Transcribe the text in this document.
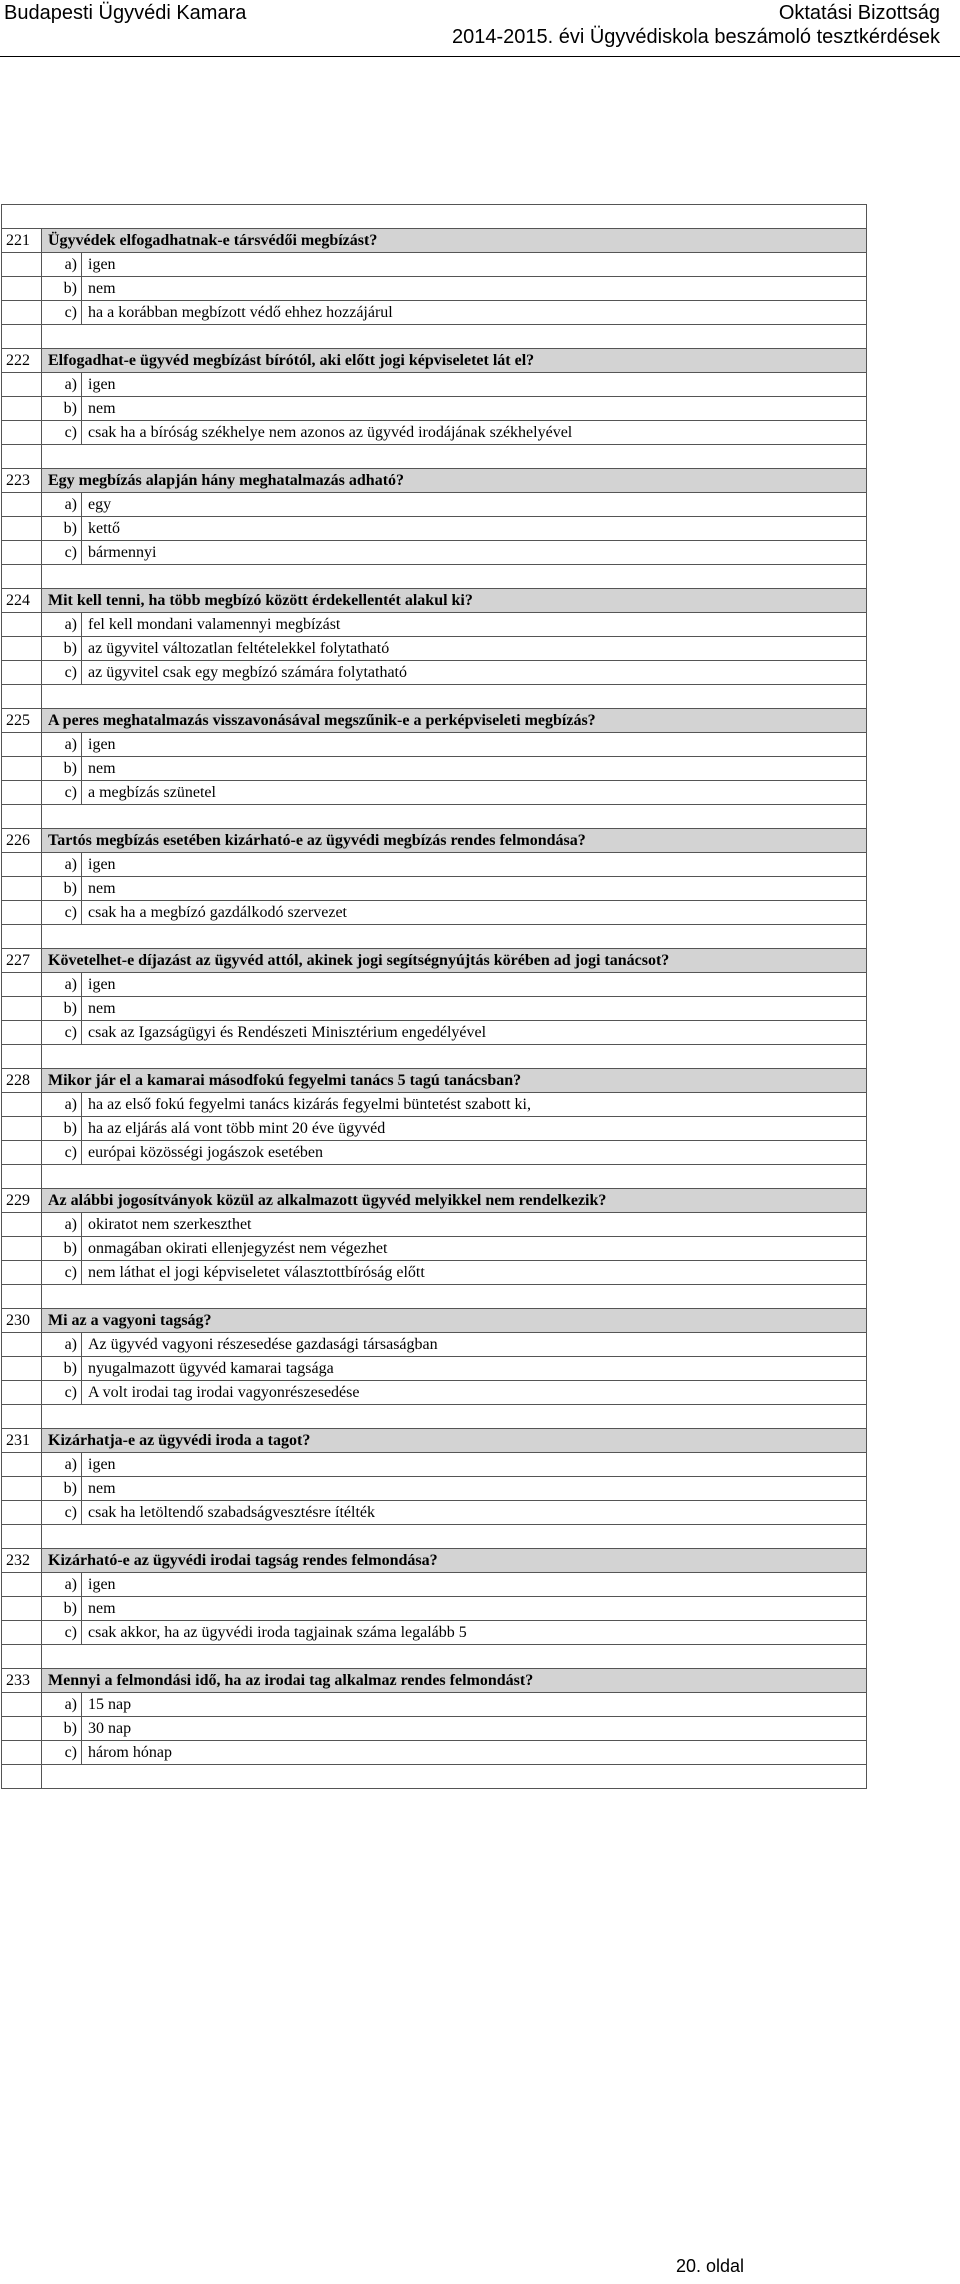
Budapesti Ügyvédi Kamara	Oktatási Bizottság
2014-2015. évi Ügyvédiskola beszámoló tesztkérdések

221	Ügyvédek elfogadhatnak-e társvédői megbízást?	
	a)	igen
	b)	nem
	c)	ha a korábban megbízott védő ehhez hozzájárul

222	Elfogadhat-e ügyvéd megbízást bírótól, aki előtt jogi képviseletet lát el?	
	a)	igen
	b)	nem
	c)	csak ha a bíróság székhelye nem azonos az ügyvéd irodájának székhelyével

223	Egy megbízás alapján hány meghatalmazás adható?	
	a)	egy
	b)	kettő
	c)	bármennyi

224	Mit kell tenni, ha több megbízó között érdekellentét alakul ki?	
	a)	fel kell mondani valamennyi megbízást
	b)	az ügyvitel változatlan feltételekkel folytatható
	c)	az ügyvitel csak egy megbízó számára folytatható

225	A peres meghatalmazás visszavonásával megszűnik-e a perképviseleti megbízás?	
	a)	igen
	b)	nem
	c)	a megbízás szünetel

226	Tartós megbízás esetében kizárható-e az ügyvédi megbízás rendes felmondása?	
	a)	igen
	b)	nem
	c)	csak ha a megbízó gazdálkodó szervezet

227	Követelhet-e díjazást az ügyvéd attól, akinek jogi segítségnyújtás körében ad jogi tanácsot?	
	a)	igen
	b)	nem
	c)	csak az Igazságügyi és Rendészeti Minisztérium engedélyével

228	Mikor jár el a kamarai másodfokú fegyelmi tanács 5 tagú tanácsban?	
	a)	ha az első fokú fegyelmi tanács kizárás fegyelmi büntetést szabott ki,
	b)	ha az eljárás alá vont több mint 20 éve ügyvéd
	c)	európai közösségi jogászok esetében

229	Az alábbi jogosítványok közül az alkalmazott ügyvéd melyikkel nem rendelkezik?	
	a)	okiratot nem szerkeszthet
	b)	onmagában okirati ellenjegyzést nem végezhet
	c)	nem láthat el jogi képviseletet választottbíróság előtt

230	Mi az a vagyoni tagság?	
	a)	Az ügyvéd vagyoni részesedése gazdasági társaságban
	b)	nyugalmazott ügyvéd kamarai tagsága
	c)	A volt irodai tag irodai vagyonrészesedése

231	Kizárhatja-e az ügyvédi iroda a tagot?	
	a)	igen
	b)	nem
	c)	csak ha letöltendő szabadságvesztésre ítélték

232	Kizárható-e az ügyvédi irodai tagság rendes felmondása?	
	a)	igen
	b)	nem
	c)	csak akkor, ha az ügyvédi iroda tagjainak száma legalább 5

233	Mennyi a felmondási idő, ha az irodai tag alkalmaz rendes felmondást?	
	a)	15 nap
	b)	30 nap
	c)	három hónap

20. oldal
